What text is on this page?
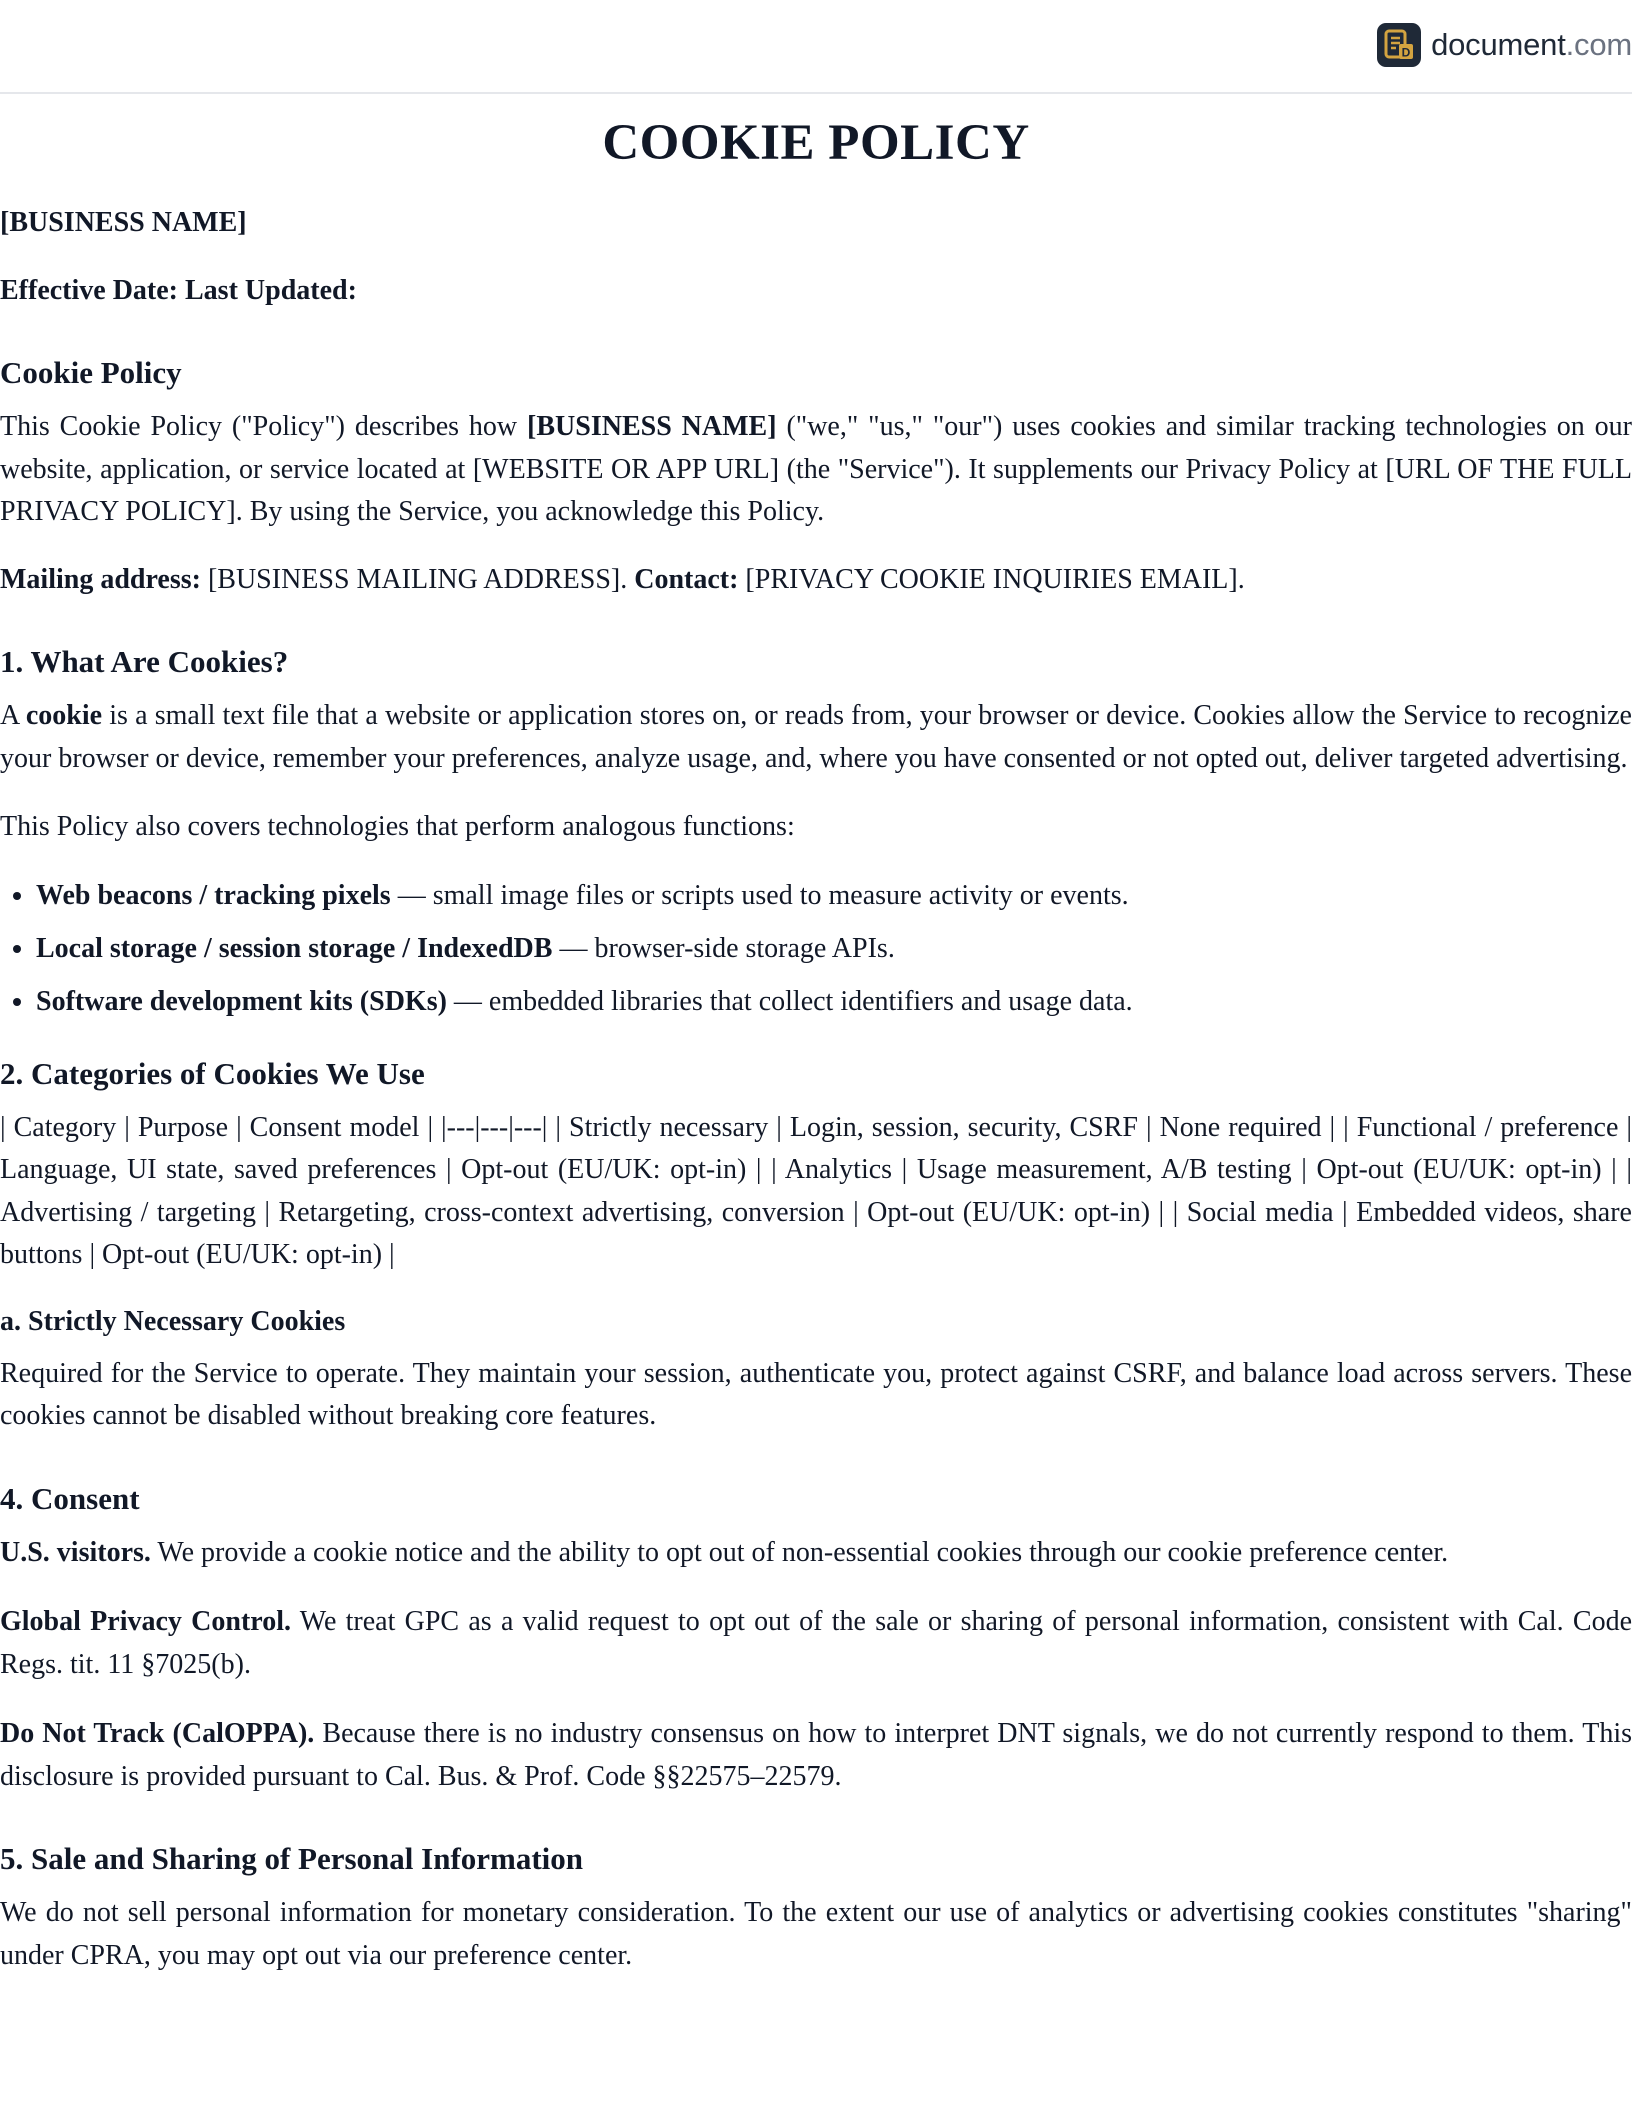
D document.com
COOKIE POLICY

[BUSINESS NAME]

Effective Date: Last Updated:

Cookie Policy

This Cookie Policy ("Policy") describes how [BUSINESS NAME] ("we," "us," "our") uses cookies and similar tracking technologies on our website, application, or service located at [WEBSITE OR APP URL] (the "Service"). It supplements our Privacy Policy at [URL OF THE FULL PRIVACY POLICY]. By using the Service, you acknowledge this Policy.

Mailing address: [BUSINESS MAILING ADDRESS]. Contact: [PRIVACY COOKIE INQUIRIES EMAIL].

1. What Are Cookies?

A cookie is a small text file that a website or application stores on, or reads from, your browser or device. Cookies allow the Service to recognize your browser or device, remember your preferences, analyze usage, and, where you have consented or not opted out, deliver targeted advertising.

This Policy also covers technologies that perform analogous functions:

• Web beacons / tracking pixels — small image files or scripts used to measure activity or events.
• Local storage / session storage / IndexedDB — browser-side storage APIs.
• Software development kits (SDKs) — embedded libraries that collect identifiers and usage data.
2. Categories of Cookies We Use

| Category | Purpose | Consent model | |---|---|---| | Strictly necessary | Login, session, security, CSRF | None required | | Functional / preference | Language, UI state, saved preferences | Opt-out (EU/UK: opt-in) | | Analytics | Usage measurement, A/B testing | Opt-out (EU/UK: opt-in) | | Advertising / targeting | Retargeting, cross-context advertising, conversion | Opt-out (EU/UK: opt-in) | | Social media | Embedded videos, share buttons | Opt-out (EU/UK: opt-in) |

a. Strictly Necessary Cookies

Required for the Service to operate. They maintain your session, authenticate you, protect against CSRF, and balance load across servers. These cookies cannot be disabled without breaking core features.

4. Consent

U.S. visitors. We provide a cookie notice and the ability to opt out of non-essential cookies through our cookie preference center.

Global Privacy Control. We treat GPC as a valid request to opt out of the sale or sharing of personal information, consistent with Cal. Code Regs. tit. 11 §7025(b).

Do Not Track (CalOPPA). Because there is no industry consensus on how to interpret DNT signals, we do not currently respond to them. This disclosure is provided pursuant to Cal. Bus. & Prof. Code §§22575–22579.

5. Sale and Sharing of Personal Information

We do not sell personal information for monetary consideration. To the extent our use of analytics or advertising cookies constitutes "sharing" under CPRA, you may opt out via our preference center.
